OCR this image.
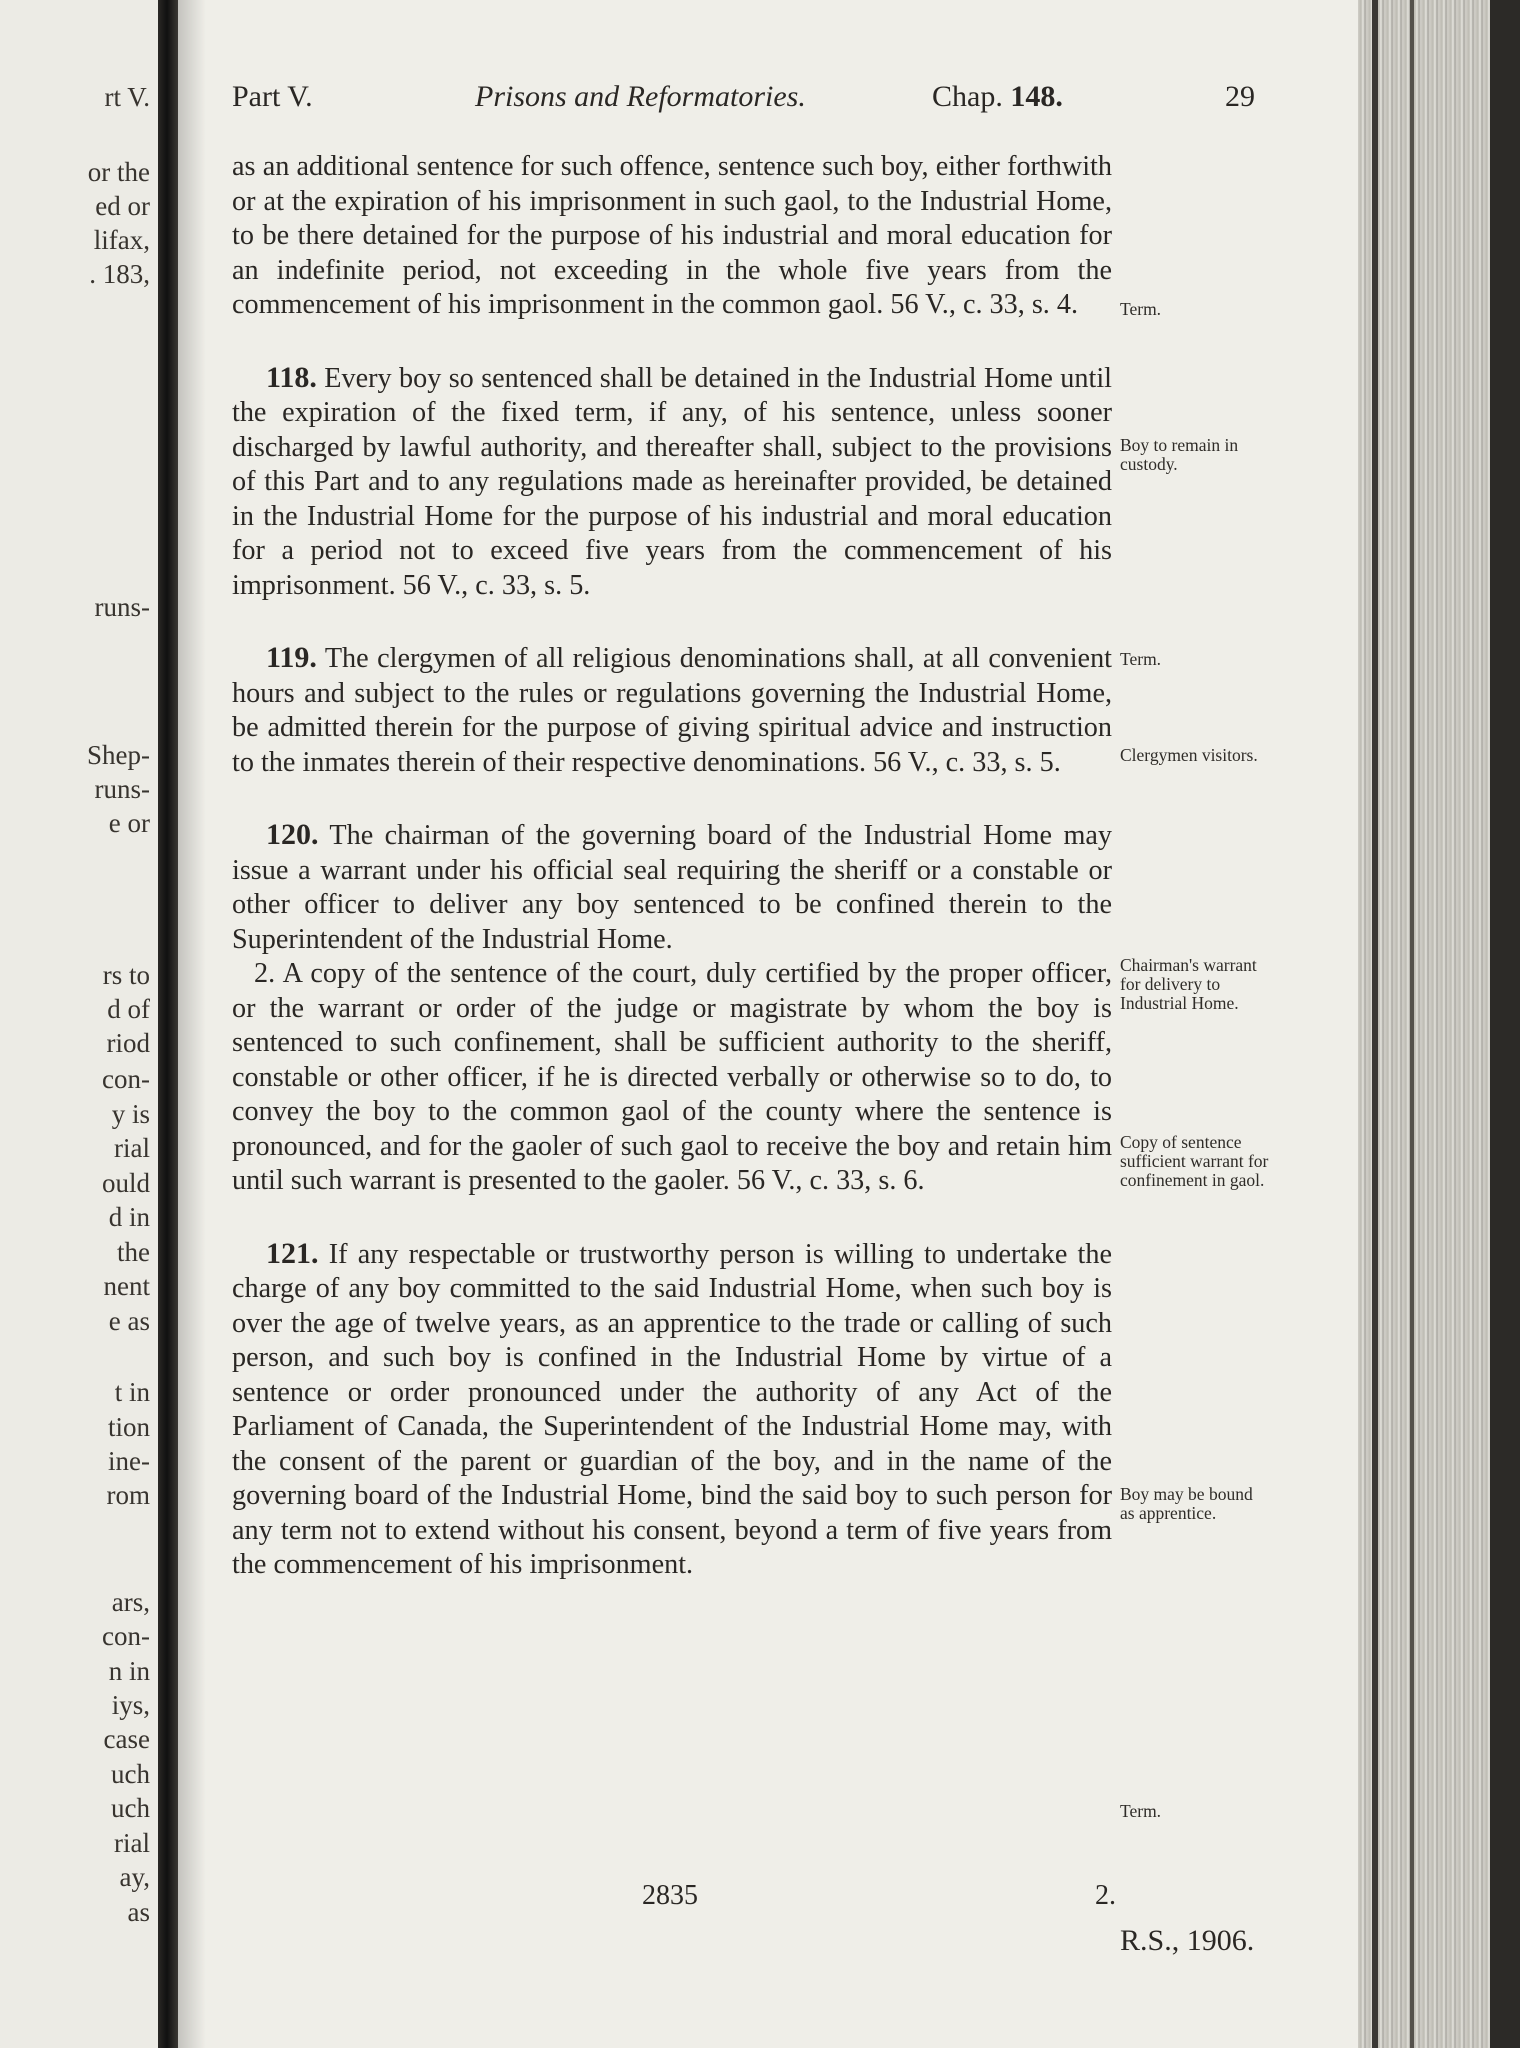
rt V.
or the
ed or
lifax,
. 183,
runs-
Shep-
runs-
e or
rs to
d of
riod
con-
y is
rial
ould
d in
the
nent
e as
t in
tion
ine-
rom
ars,
con-
n in
iys,
case
uch
uch
rial
ay,
as
Part V.	Prisons and Reformatories.	Chap. 148.	29

as an additional sentence for such offence, sentence such boy, either forthwith or at the expiration of his imprisonment in such gaol, to the Industrial Home, to be there detained for the purpose of his industrial and moral education for an indefinite period, not exceeding in the whole five years from the commencement of his imprisonment in the common gaol. 56 V., c. 33, s. 4.

118. Every boy so sentenced shall be detained in the Industrial Home until the expiration of the fixed term, if any, of his sentence, unless sooner discharged by lawful authority, and thereafter shall, subject to the provisions of this Part and to any regulations made as hereinafter provided, be detained in the Industrial Home for the purpose of his industrial and moral education for a period not to exceed five years from the commencement of his imprisonment. 56 V., c. 33, s. 5.

119. The clergymen of all religious denominations shall, at all convenient hours and subject to the rules or regulations governing the Industrial Home, be admitted therein for the purpose of giving spiritual advice and instruction to the inmates therein of their respective denominations. 56 V., c. 33, s. 5.

120. The chairman of the governing board of the Industrial Home may issue a warrant under his official seal requiring the sheriff or a constable or other officer to deliver any boy sentenced to be confined therein to the Superintendent of the Industrial Home.

2. A copy of the sentence of the court, duly certified by the proper officer, or the warrant or order of the judge or magistrate by whom the boy is sentenced to such confinement, shall be sufficient authority to the sheriff, constable or other officer, if he is directed verbally or otherwise so to do, to convey the boy to the common gaol of the county where the sentence is pronounced, and for the gaoler of such gaol to receive the boy and retain him until such warrant is presented to the gaoler. 56 V., c. 33, s. 6.

121. If any respectable or trustworthy person is willing to undertake the charge of any boy committed to the said Industrial Home, when such boy is over the age of twelve years, as an apprentice to the trade or calling of such person, and such boy is confined in the Industrial Home by virtue of a sentence or order pronounced under the authority of any Act of the Parliament of Canada, the Superintendent of the Industrial Home may, with the consent of the parent or guardian of the boy, and in the name of the governing board of the Industrial Home, bind the said boy to such person for any term not to extend without his consent, beyond a term of five years from the commencement of his imprisonment.

2835	2.
R.S., 1906.
Term.
Boy to remain in custody.
Term.
Clergymen visitors.
Chairman's warrant for delivery to Industrial Home.
Copy of sentence sufficient warrant for confinement in gaol.
Boy may be bound as apprentice.
Term.
